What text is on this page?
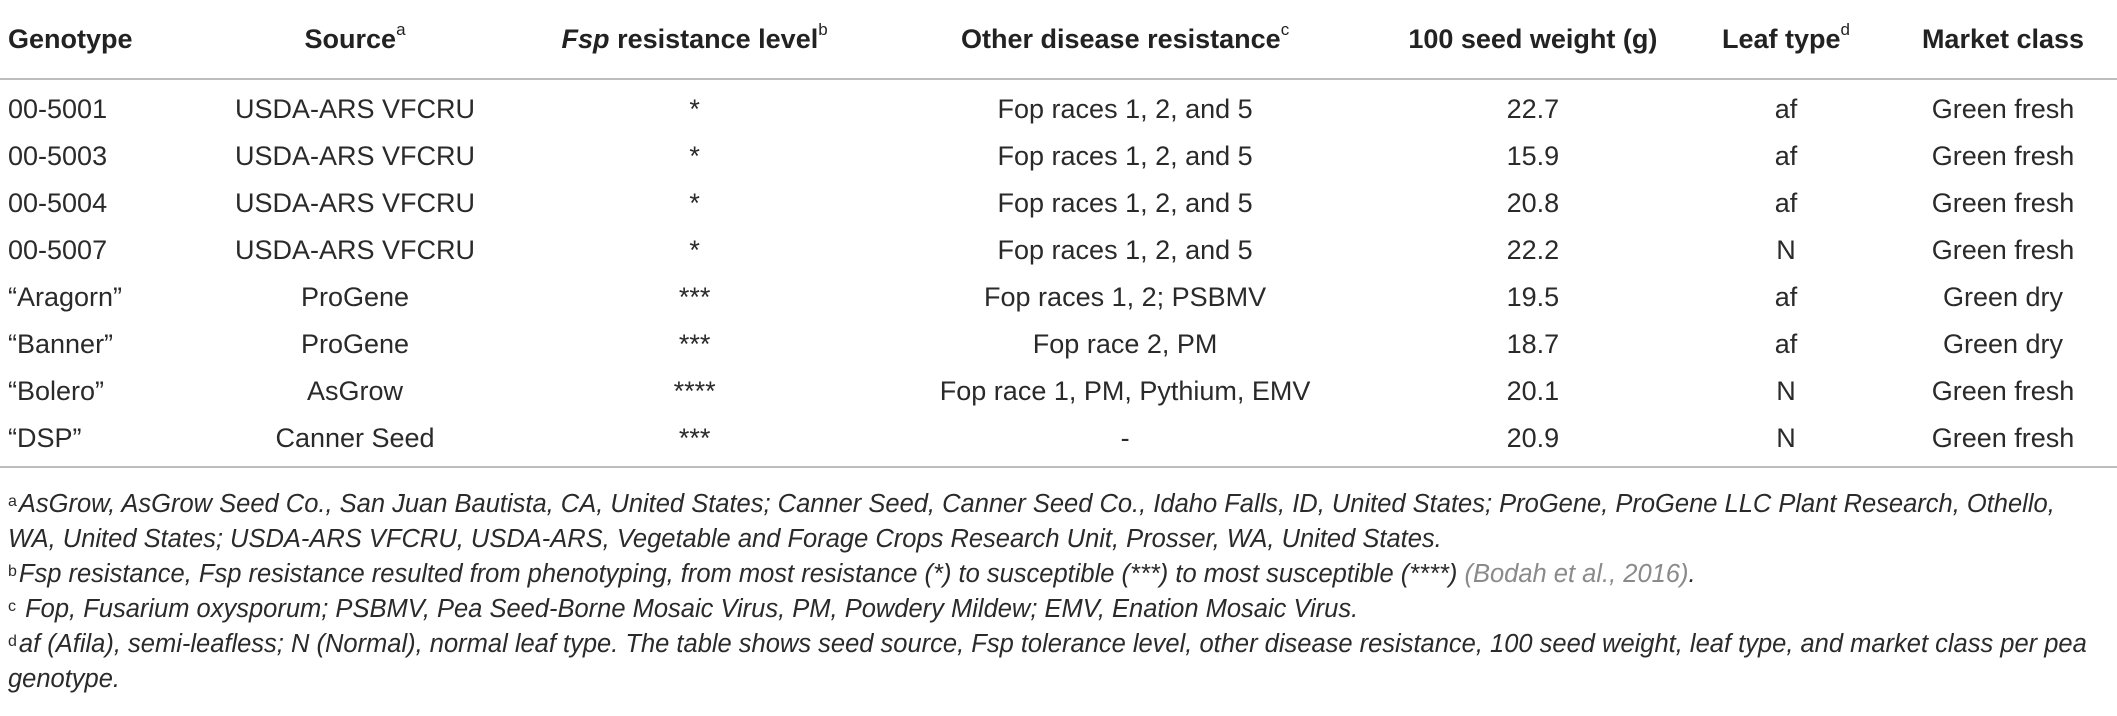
Genotype	Source$^a$	Fsp resistance level$^b$	Other disease resistance$^c$	100 seed weight (g)	Leaf type$^d$	Market class
00-5001	USDA-ARS VFCRU	*	Fop races 1, 2, and 5	22.7	af	Green fresh
00-5003	USDA-ARS VFCRU	*	Fop races 1, 2, and 5	15.9	af	Green fresh
00-5004	USDA-ARS VFCRU	*	Fop races 1, 2, and 5	20.8	af	Green fresh
00-5007	USDA-ARS VFCRU	*	Fop races 1, 2, and 5	22.2	N	Green fresh
“Aragorn”	ProGene	***	Fop races 1, 2; PSBMV	19.5	af	Green dry
“Banner”	ProGene	***	Fop race 2, PM	18.7	af	Green dry
“Bolero”	AsGrow	****	Fop race 1, PM, Pythium, EMV	20.1	N	Green fresh
“DSP”	Canner Seed	***	-	20.9	N	Green fresh

$^a$AsGrow, AsGrow Seed Co., San Juan Bautista, CA, United States; Canner Seed, Canner Seed Co., Idaho Falls, ID, United States; ProGene, ProGene LLC Plant Research, Othello, WA, United States; USDA-ARS VFCRU, USDA-ARS, Vegetable and Forage Crops Research Unit, Prosser, WA, United States.

$^b$Fsp resistance, Fsp resistance resulted from phenotyping, from most resistance (*) to susceptible (***) to most susceptible (****) (Bodah et al., 2016).

$^c$ Fop, Fusarium oxysporum; PSBMV, Pea Seed-Borne Mosaic Virus, PM, Powdery Mildew; EMV, Enation Mosaic Virus.

$^d$af (Afila), semi-leafless; N (Normal), normal leaf type. The table shows seed source, Fsp tolerance level, other disease resistance, 100 seed weight, leaf type, and market class per pea genotype.
